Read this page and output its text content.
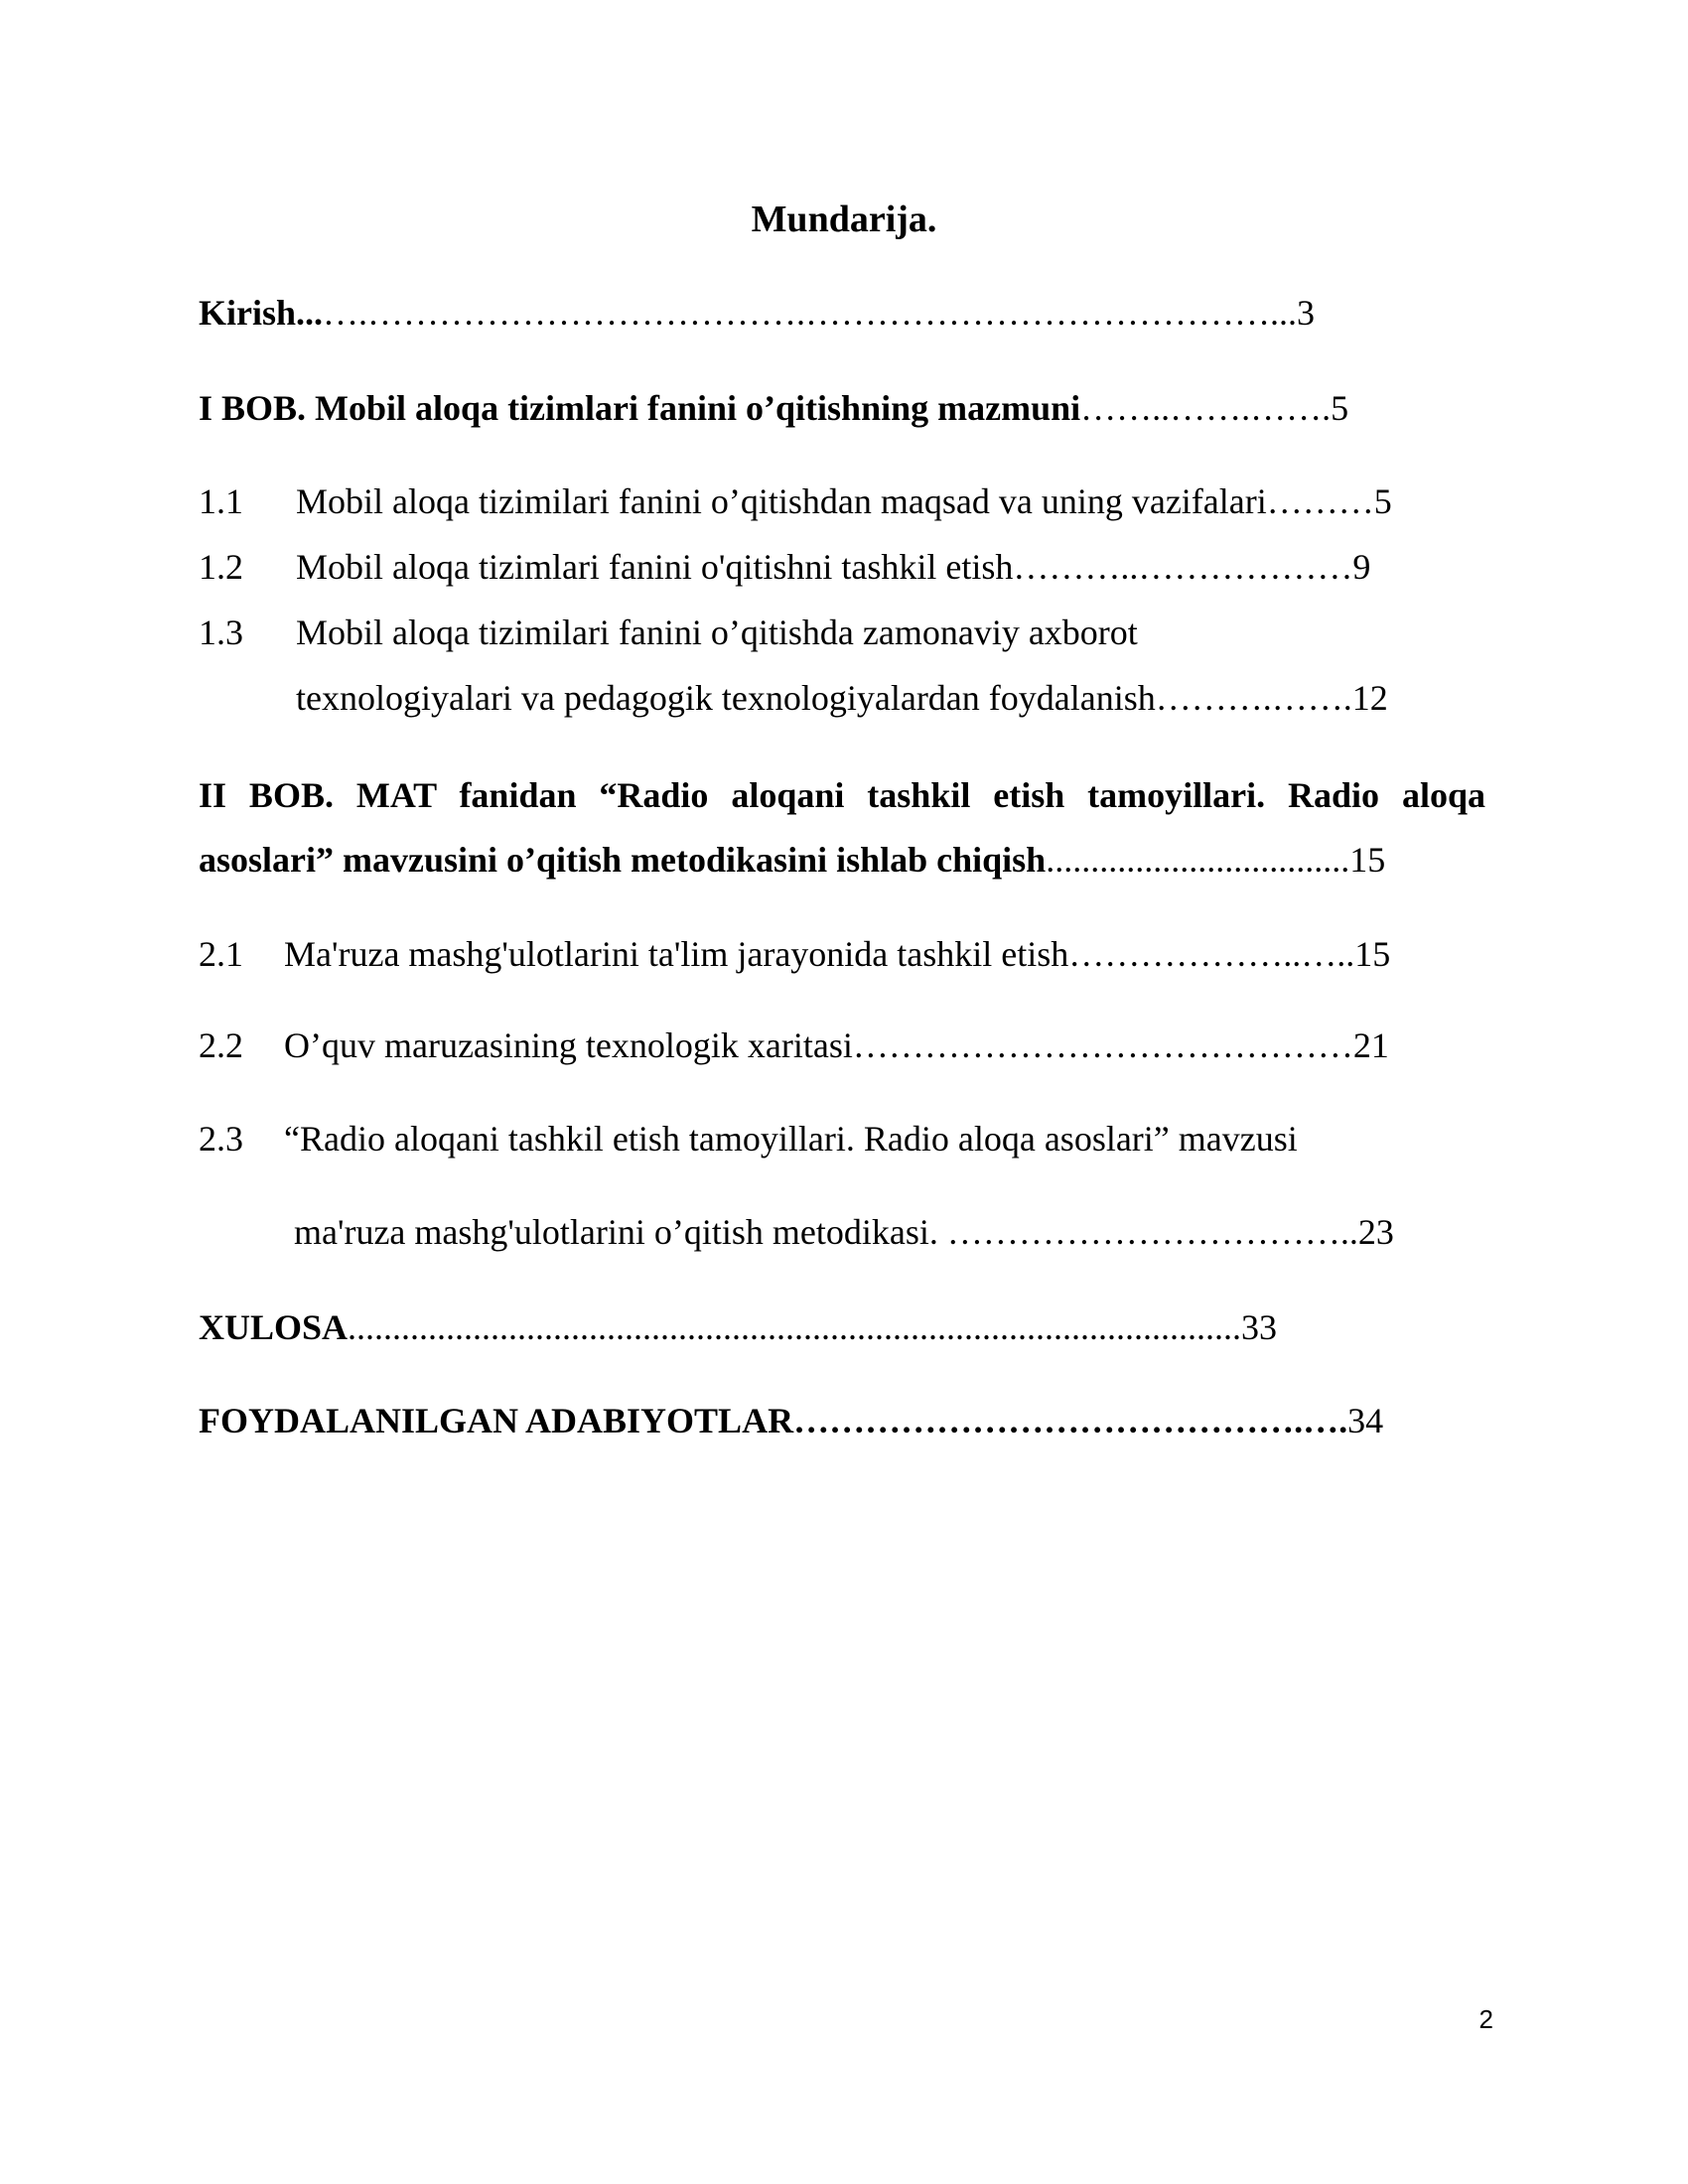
Mundarija.
Kirish...….……………………………….…………………………………...3
I BOB. Mobil aloqa tizimlari fanini o’qitishning mazmuni……..…….…….5
1.1 Mobil aloqa tizimilari fanini o’qitishdan maqsad va uning vazifalari………5
1.2 Mobil aloqa tizimlari fanini o'qitishni tashkil etish………..………………9
1.3 Mobil aloqa tizimilari fanini o’qitishda zamonaviy axborot
texnologiyalari va pedagogik texnologiyalardan foydalanish……….…….12
II BOB. MAT fanidan “Radio aloqani tashkil etish tamoyillari. Radio aloqa
asoslari” mavzusini o’qitish metodikasini ishlab chiqish..................................15
2.1 Ma'ruza mashg'ulotlarini ta'lim jarayonida tashkil etish………………..…..15
2.2 O’quv maruzasining texnologik xaritasi……………………………………21
2.3 “Radio aloqani tashkil etish tamoyillari. Radio aloqa asoslari” mavzusi
ma'ruza mashg'ulotlarini o’qitish metodikasi. ……………………………..23
XULOSA....................................................................................................33
FOYDALANILGAN ADABIYOTLAR…………………………………….….34
2
